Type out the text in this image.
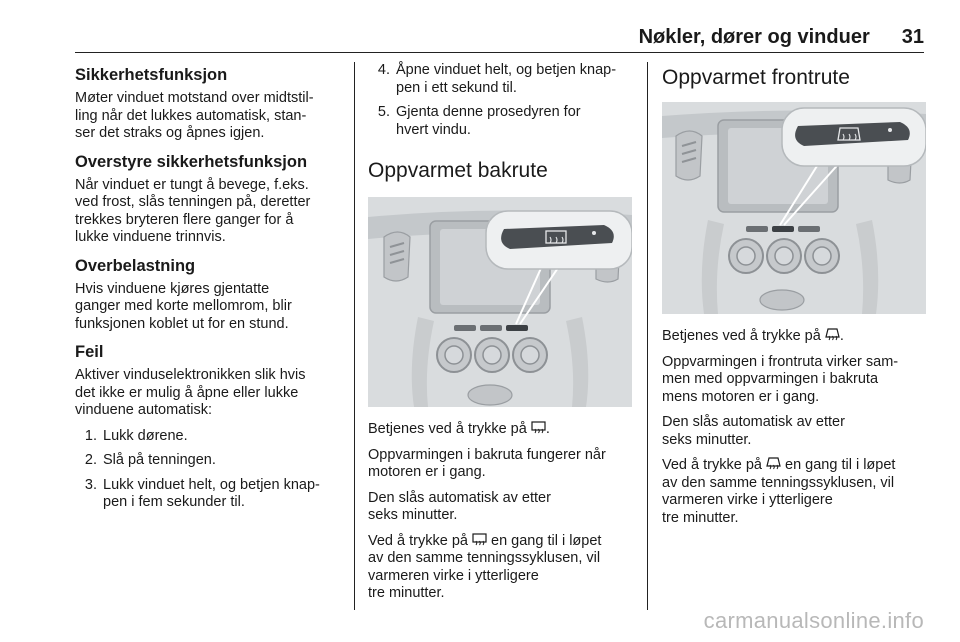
Nøkler, dører og vinduer 31
Sikkerhetsfunksjon

Møter vinduet motstand over midtstil-
ling når det lukkes automatisk, stan-
ser det straks og åpnes igjen.

Overstyre sikkerhetsfunksjon

Når vinduet er tungt å bevege, f.eks.
ved frost, slås tenningen på, deretter
trekkes bryteren flere ganger for å
lukke vinduene trinnvis.

Overbelastning

Hvis vinduene kjøres gjentatte
ganger med korte mellomrom, blir
funksjonen koblet ut for en stund.

Feil

Aktiver vinduselektronikken slik hvis
det ikke er mulig å åpne eller lukke
vinduene automatisk:

1. Lukk dørene.
2. Slå på tenningen.
3. Lukk vinduet helt, og betjen knap-
pen i fem sekunder til.
4. Åpne vinduet helt, og betjen knap-
pen i ett sekund til.
5. Gjenta denne prosedyren for
hvert vindu.
Oppvarmet bakrute

Betjenes ved å trykke på .

Oppvarmingen i bakruta fungerer når
motoren er i gang.

Den slås automatisk av etter
seks minutter.

Ved å trykke på  en gang til i løpet
av den samme tenningssyklusen, vil
varmeren virke i ytterligere
tre minutter.

Oppvarmet frontrute

Betjenes ved å trykke på .

Oppvarmingen i frontruta virker sam-
men med oppvarmingen i bakruta
mens motoren er i gang.

Den slås automatisk av etter
seks minutter.

Ved å trykke på  en gang til i løpet
av den samme tenningssyklusen, vil
varmeren virke i ytterligere
tre minutter.

carmanualsonline.info
